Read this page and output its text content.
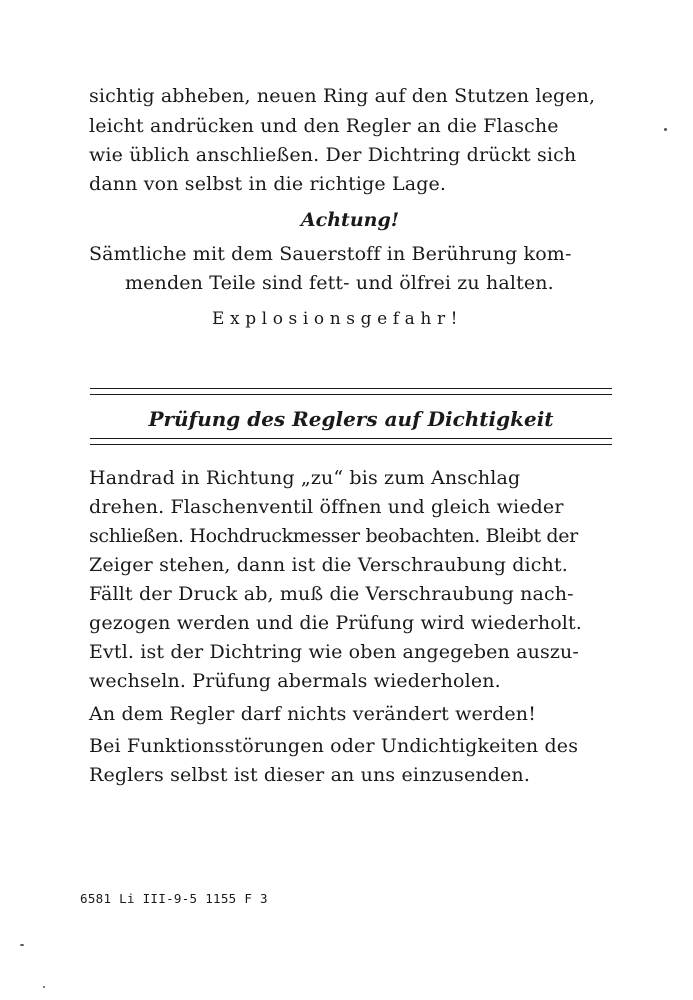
sichtig abheben, neuen Ring auf den Stutzen legen,
leicht andrücken und den Regler an die Flasche
wie üblich anschließen. Der Dichtring drückt sich
dann von selbst in die richtige Lage.
Achtung!
Sämtliche mit dem Sauerstoff in Berührung kom-
menden Teile sind fett- und ölfrei zu halten.
Explosionsgefahr!
Prüfung des Reglers auf Dichtigkeit
Handrad in Richtung „zu“ bis zum Anschlag
drehen. Flaschenventil öffnen und gleich wieder
schließen. Hochdruckmesser beobachten. Bleibt der
Zeiger stehen, dann ist die Verschraubung dicht.
Fällt der Druck ab, muß die Verschraubung nach-
gezogen werden und die Prüfung wird wiederholt.
Evtl. ist der Dichtring wie oben angegeben auszu-
wechseln. Prüfung abermals wiederholen.
An dem Regler darf nichts verändert werden!
Bei Funktionsstörungen oder Undichtigkeiten des
Reglers selbst ist dieser an uns einzusenden.
6581 Li III-9-5 1155 F 3
